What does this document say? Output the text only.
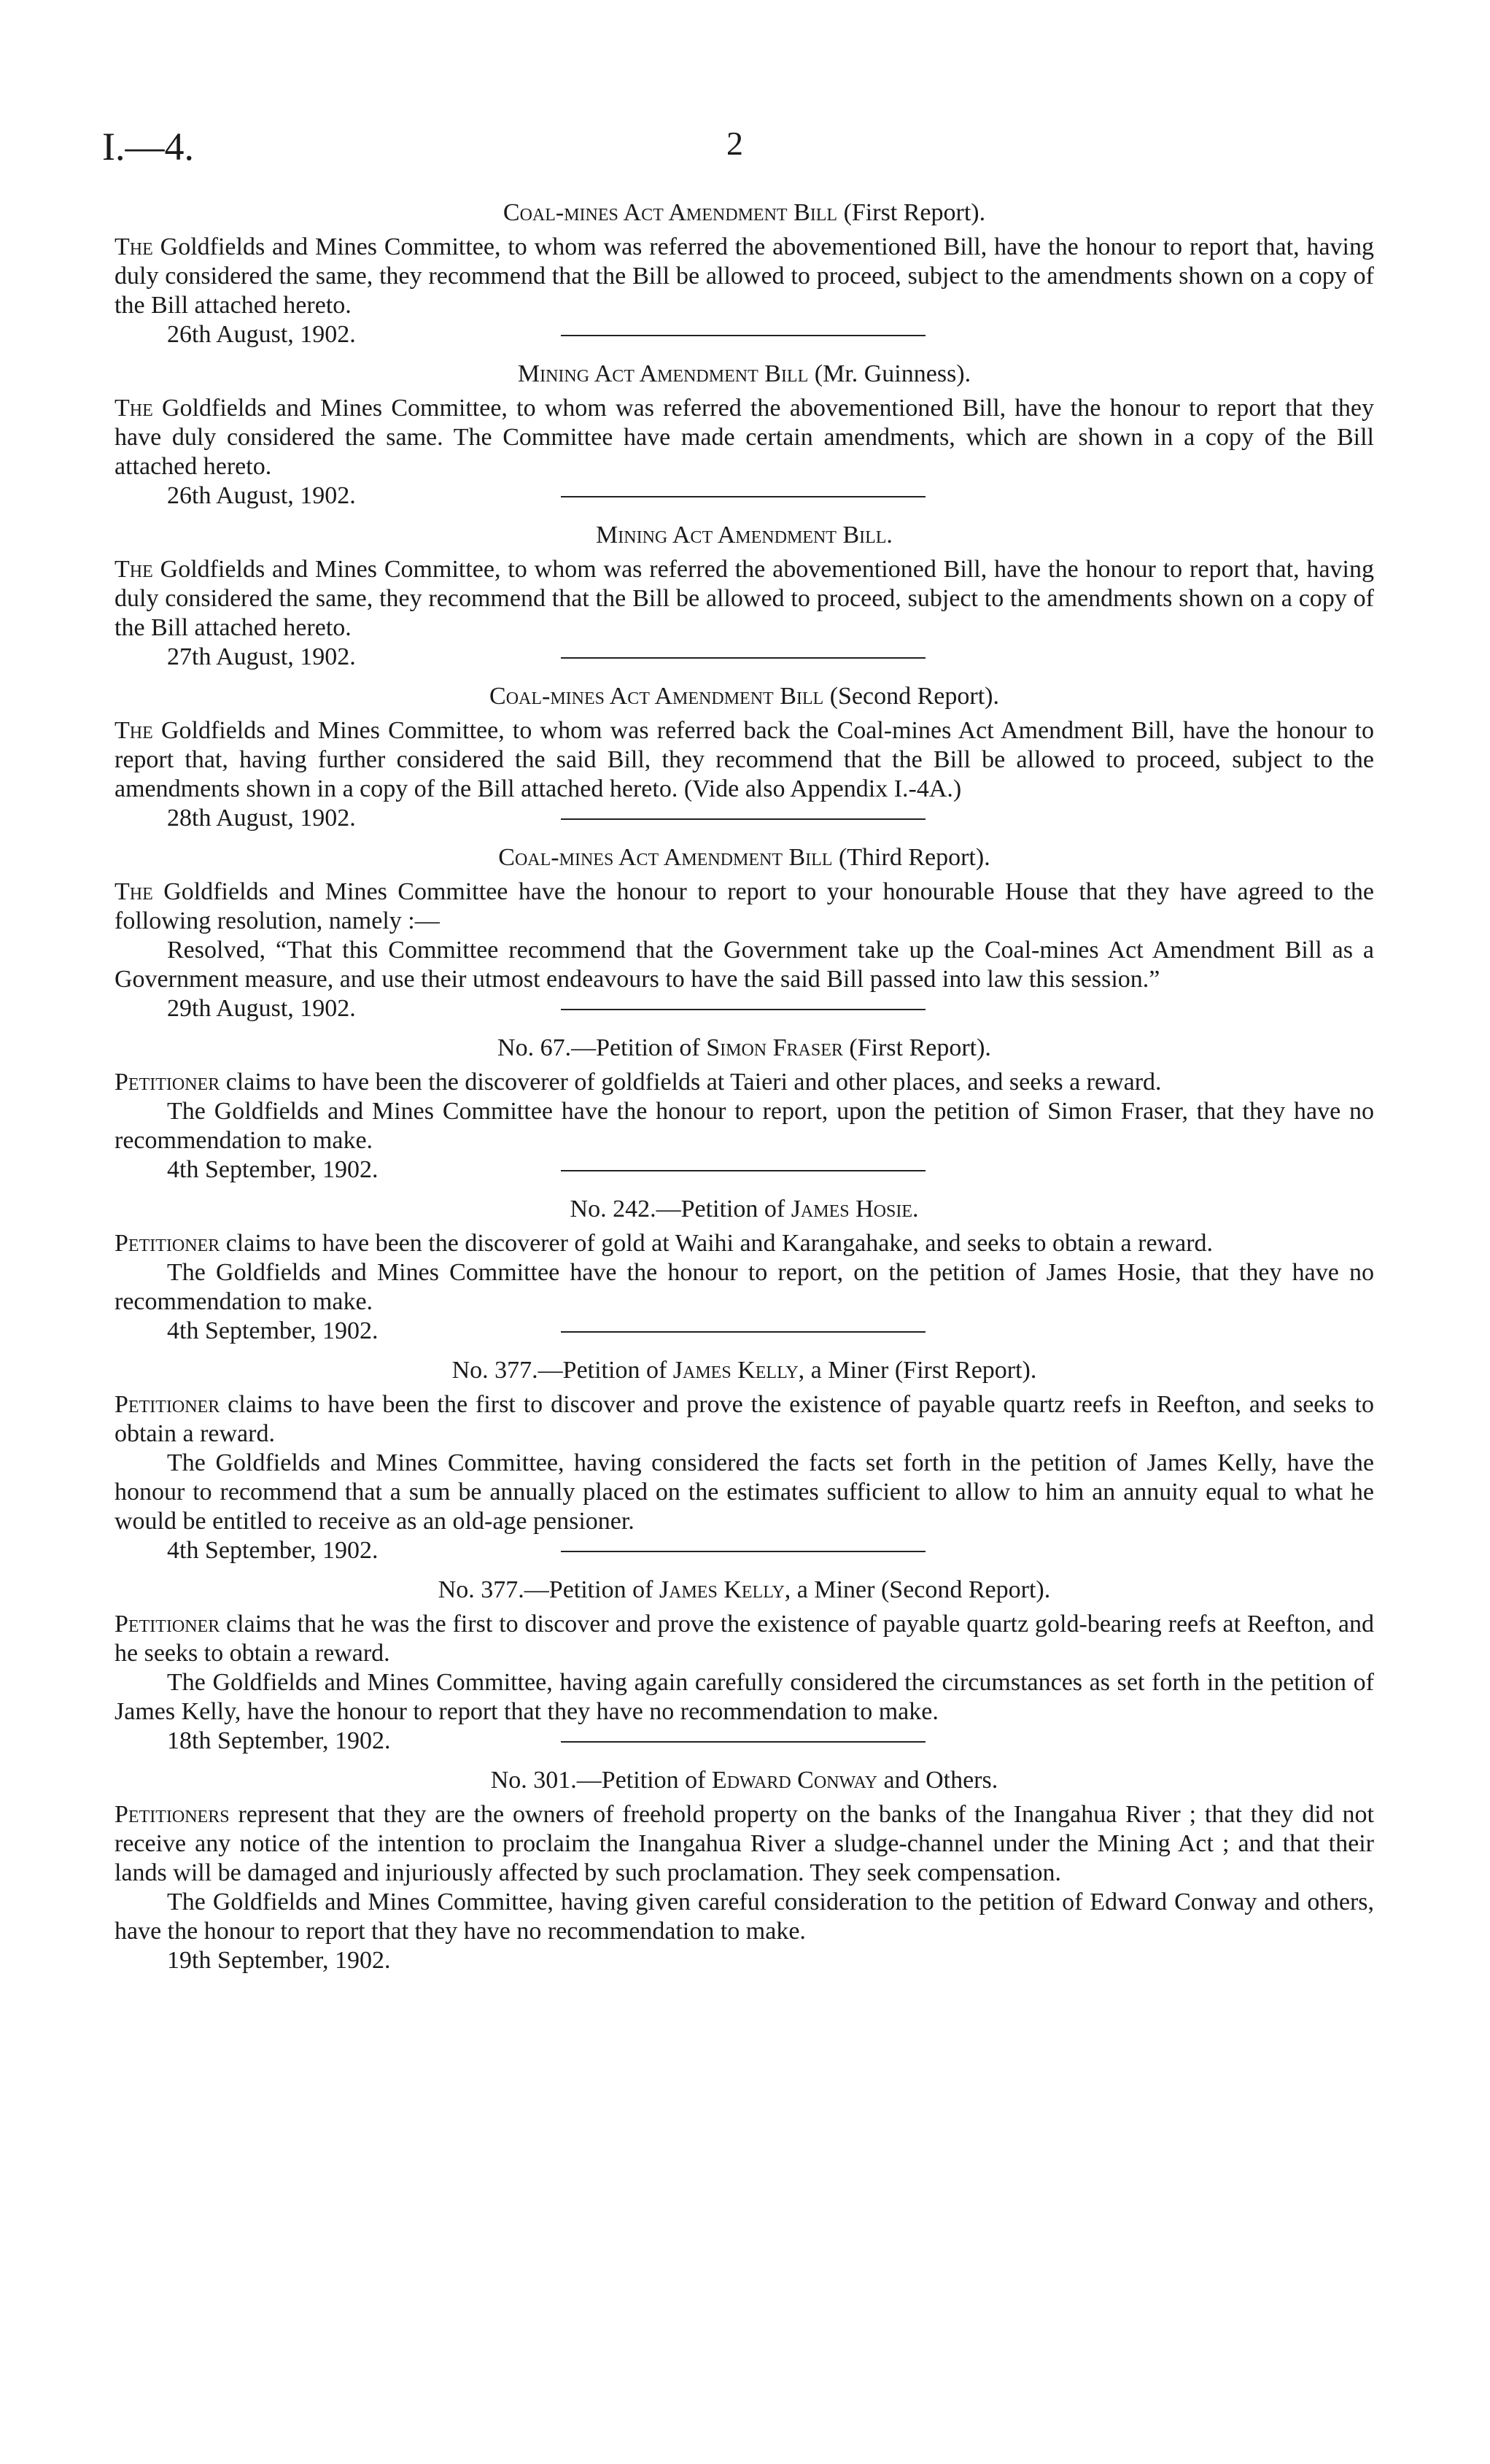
I.—4.	2
Coal-mines Act Amendment Bill (First Report).

The Goldfields and Mines Committee, to whom was referred the abovementioned Bill, have the honour to report that, having duly considered the same, they recommend that the Bill be allowed to proceed, subject to the amendments shown on a copy of the Bill attached hereto.

26th August, 1902.
Mining Act Amendment Bill (Mr. Guinness).

The Goldfields and Mines Committee, to whom was referred the abovementioned Bill, have the honour to report that they have duly considered the same. The Committee have made certain amendments, which are shown in a copy of the Bill attached hereto.

26th August, 1902.
Mining Act Amendment Bill.

The Goldfields and Mines Committee, to whom was referred the abovementioned Bill, have the honour to report that, having duly considered the same, they recommend that the Bill be allowed to proceed, subject to the amendments shown on a copy of the Bill attached hereto.

27th August, 1902.
Coal-mines Act Amendment Bill (Second Report).

The Goldfields and Mines Committee, to whom was referred back the Coal-mines Act Amendment Bill, have the honour to report that, having further considered the said Bill, they recommend that the Bill be allowed to proceed, subject to the amendments shown in a copy of the Bill attached hereto. (Vide also Appendix I.-4A.)

28th August, 1902.
Coal-mines Act Amendment Bill (Third Report).

The Goldfields and Mines Committee have the honour to report to your honourable House that they have agreed to the following resolution, namely :—

Resolved, “That this Committee recommend that the Government take up the Coal-mines Act Amendment Bill as a Government measure, and use their utmost endeavours to have the said Bill passed into law this session.”

29th August, 1902.
No. 67.—Petition of Simon Fraser (First Report).

Petitioner claims to have been the discoverer of goldfields at Taieri and other places, and seeks a reward.

The Goldfields and Mines Committee have the honour to report, upon the petition of Simon Fraser, that they have no recommendation to make.

4th September, 1902.
No. 242.—Petition of James Hosie.

Petitioner claims to have been the discoverer of gold at Waihi and Karangahake, and seeks to obtain a reward.

The Goldfields and Mines Committee have the honour to report, on the petition of James Hosie, that they have no recommendation to make.

4th September, 1902.
No. 377.—Petition of James Kelly, a Miner (First Report).

Petitioner claims to have been the first to discover and prove the existence of payable quartz reefs in Reefton, and seeks to obtain a reward.

The Goldfields and Mines Committee, having considered the facts set forth in the petition of James Kelly, have the honour to recommend that a sum be annually placed on the estimates sufficient to allow to him an annuity equal to what he would be entitled to receive as an old-age pensioner.

4th September, 1902.
No. 377.—Petition of James Kelly, a Miner (Second Report).

Petitioner claims that he was the first to discover and prove the existence of payable quartz gold-bearing reefs at Reefton, and he seeks to obtain a reward.

The Goldfields and Mines Committee, having again carefully considered the circumstances as set forth in the petition of James Kelly, have the honour to report that they have no recommendation to make.

18th September, 1902.
No. 301.—Petition of Edward Conway and Others.

Petitioners represent that they are the owners of freehold property on the banks of the Inangahua River ; that they did not receive any notice of the intention to proclaim the Inangahua River a sludge-channel under the Mining Act ; and that their lands will be damaged and injuriously affected by such proclamation. They seek compensation.

The Goldfields and Mines Committee, having given careful consideration to the petition of Edward Conway and others, have the honour to report that they have no recommendation to make.

19th September, 1902.
